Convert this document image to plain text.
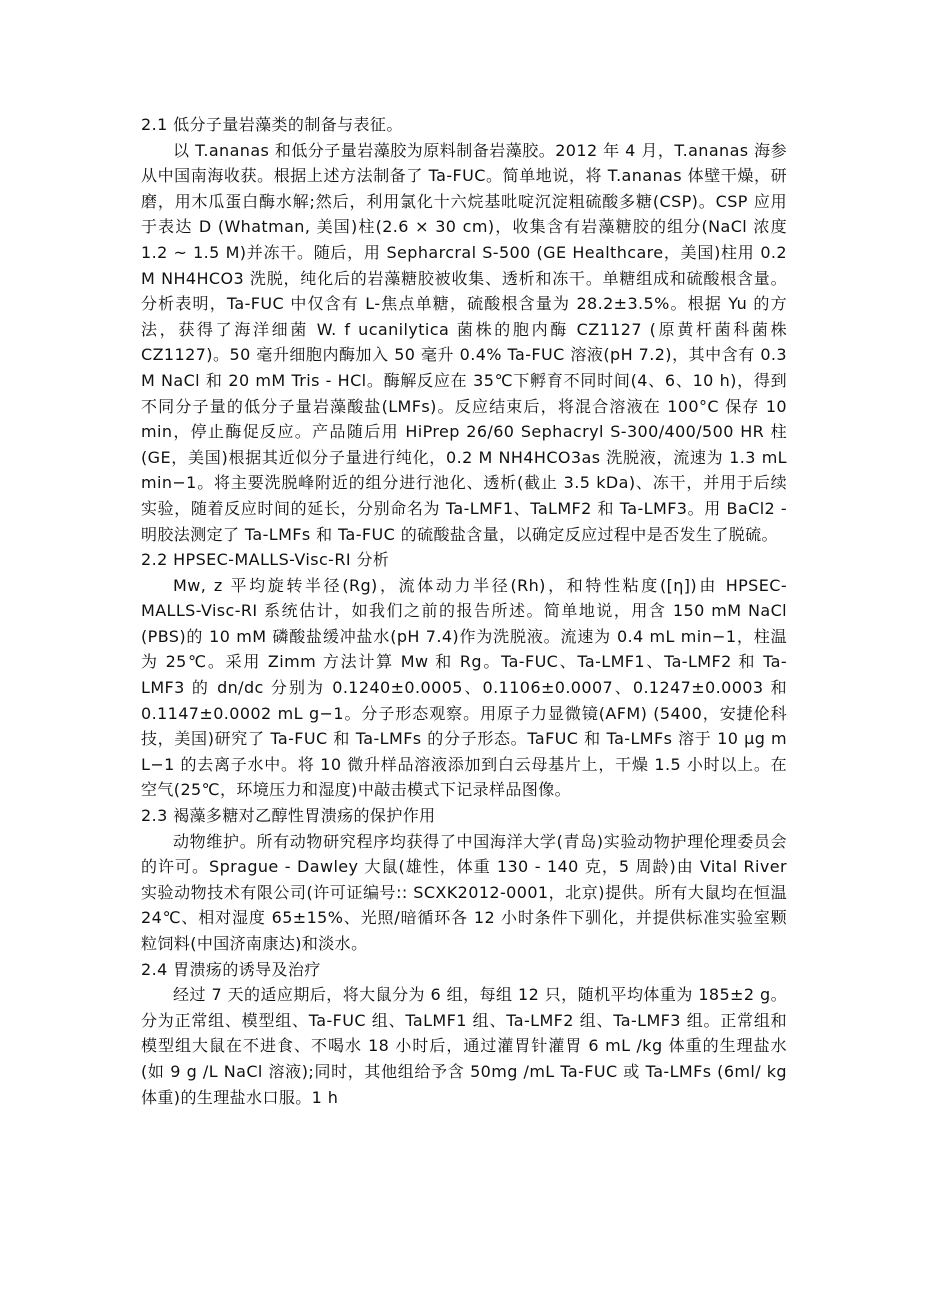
2.1 低分子量岩藻类的制备与表征。

以 T.ananas 和低分子量岩藻胶为原料制备岩藻胶。2012 年 4 月，T.ananas 海参从中国南海收获。根据上述方法制备了 Ta-FUC。简单地说，将 T.ananas 体壁干燥，研磨，用木瓜蛋白酶水解;然后，利用氯化十六烷基吡啶沉淀粗硫酸多糖(CSP)。CSP 应用于表达 D (Whatman, 美国)柱(2.6 × 30 cm)，收集含有岩藻糖胶的组分(NaCl 浓度 1.2 ~ 1.5 M)并冻干。随后，用 Sepharcral S-500 (GE Healthcare，美国)柱用 0.2 M NH4HCO3 洗脱，纯化后的岩藻糖胶被收集、透析和冻干。单糖组成和硫酸根含量。分析表明，Ta-FUC 中仅含有 L-焦点单糖，硫酸根含量为 28.2±3.5%。根据 Yu 的方法，获得了海洋细菌 W. f ucanilytica 菌株的胞内酶 CZ1127 (原黄杆菌科菌株 CZ1127)。50 毫升细胞内酶加入 50 毫升 0.4% Ta-FUC 溶液(pH 7.2)，其中含有 0.3 M NaCl 和 20 mM Tris - HCl。酶解反应在 35℃下孵育不同时间(4、6、10 h)，得到不同分子量的低分子量岩藻酸盐(LMFs)。反应结束后，将混合溶液在 100°C 保存 10 min，停止酶促反应。产品随后用 HiPrep 26/60 Sephacryl S-300/400/500 HR 柱(GE，美国)根据其近似分子量进行纯化，0.2 M NH4HCO3as 洗脱液，流速为 1.3 mL min−1。将主要洗脱峰附近的组分进行池化、透析(截止 3.5 kDa)、冻干，并用于后续实验，随着反应时间的延长，分别命名为 Ta-LMF1、TaLMF2 和 Ta-LMF3。用 BaCl2 -明胶法测定了 Ta-LMFs 和 Ta-FUC 的硫酸盐含量，以确定反应过程中是否发生了脱硫。

2.2 HPSEC-MALLS-Visc-RI 分析

Mw, z 平均旋转半径(Rg)，流体动力半径(Rh)，和特性粘度([η])由 HPSEC-MALLS-Visc-RI 系统估计，如我们之前的报告所述。简单地说，用含 150 mM NaCl (PBS)的 10 mM 磷酸盐缓冲盐水(pH 7.4)作为洗脱液。流速为 0.4 mL min−1，柱温为 25℃。采用 Zimm 方法计算 Mw 和 Rg。Ta-FUC、Ta-LMF1、Ta-LMF2 和 Ta-LMF3 的 dn/dc 分别为 0.1240±0.0005、0.1106±0.0007、0.1247±0.0003 和 0.1147±0.0002 mL g−1。分子形态观察。用原子力显微镜(AFM) (5400，安捷伦科技，美国)研究了 Ta-FUC 和 Ta-LMFs 的分子形态。TaFUC 和 Ta-LMFs 溶于 10 μg m L−1 的去离子水中。将 10 微升样品溶液添加到白云母基片上，干燥 1.5 小时以上。在空气(25℃，环境压力和湿度)中敲击模式下记录样品图像。

2.3 褐藻多糖对乙醇性胃溃疡的保护作用

动物维护。所有动物研究程序均获得了中国海洋大学(青岛)实验动物护理伦理委员会的许可。Sprague - Dawley 大鼠(雄性，体重 130 - 140 克，5 周龄)由 Vital River 实验动物技术有限公司(许可证编号:: SCXK2012-0001，北京)提供。所有大鼠均在恒温 24℃、相对湿度 65±15%、光照/暗循环各 12 小时条件下驯化，并提供标准实验室颗粒饲料(中国济南康达)和淡水。

2.4 胃溃疡的诱导及治疗

经过 7 天的适应期后，将大鼠分为 6 组，每组 12 只，随机平均体重为 185±2 g。分为正常组、模型组、Ta-FUC 组、TaLMF1 组、Ta-LMF2 组、Ta-LMF3 组。正常组和模型组大鼠在不进食、不喝水 18 小时后，通过灌胃针灌胃 6 mL /kg 体重的生理盐水(如 9 g /L NaCl 溶液);同时，其他组给予含 50mg /mL Ta-FUC 或 Ta-LMFs (6ml/ kg 体重)的生理盐水口服。1 h
